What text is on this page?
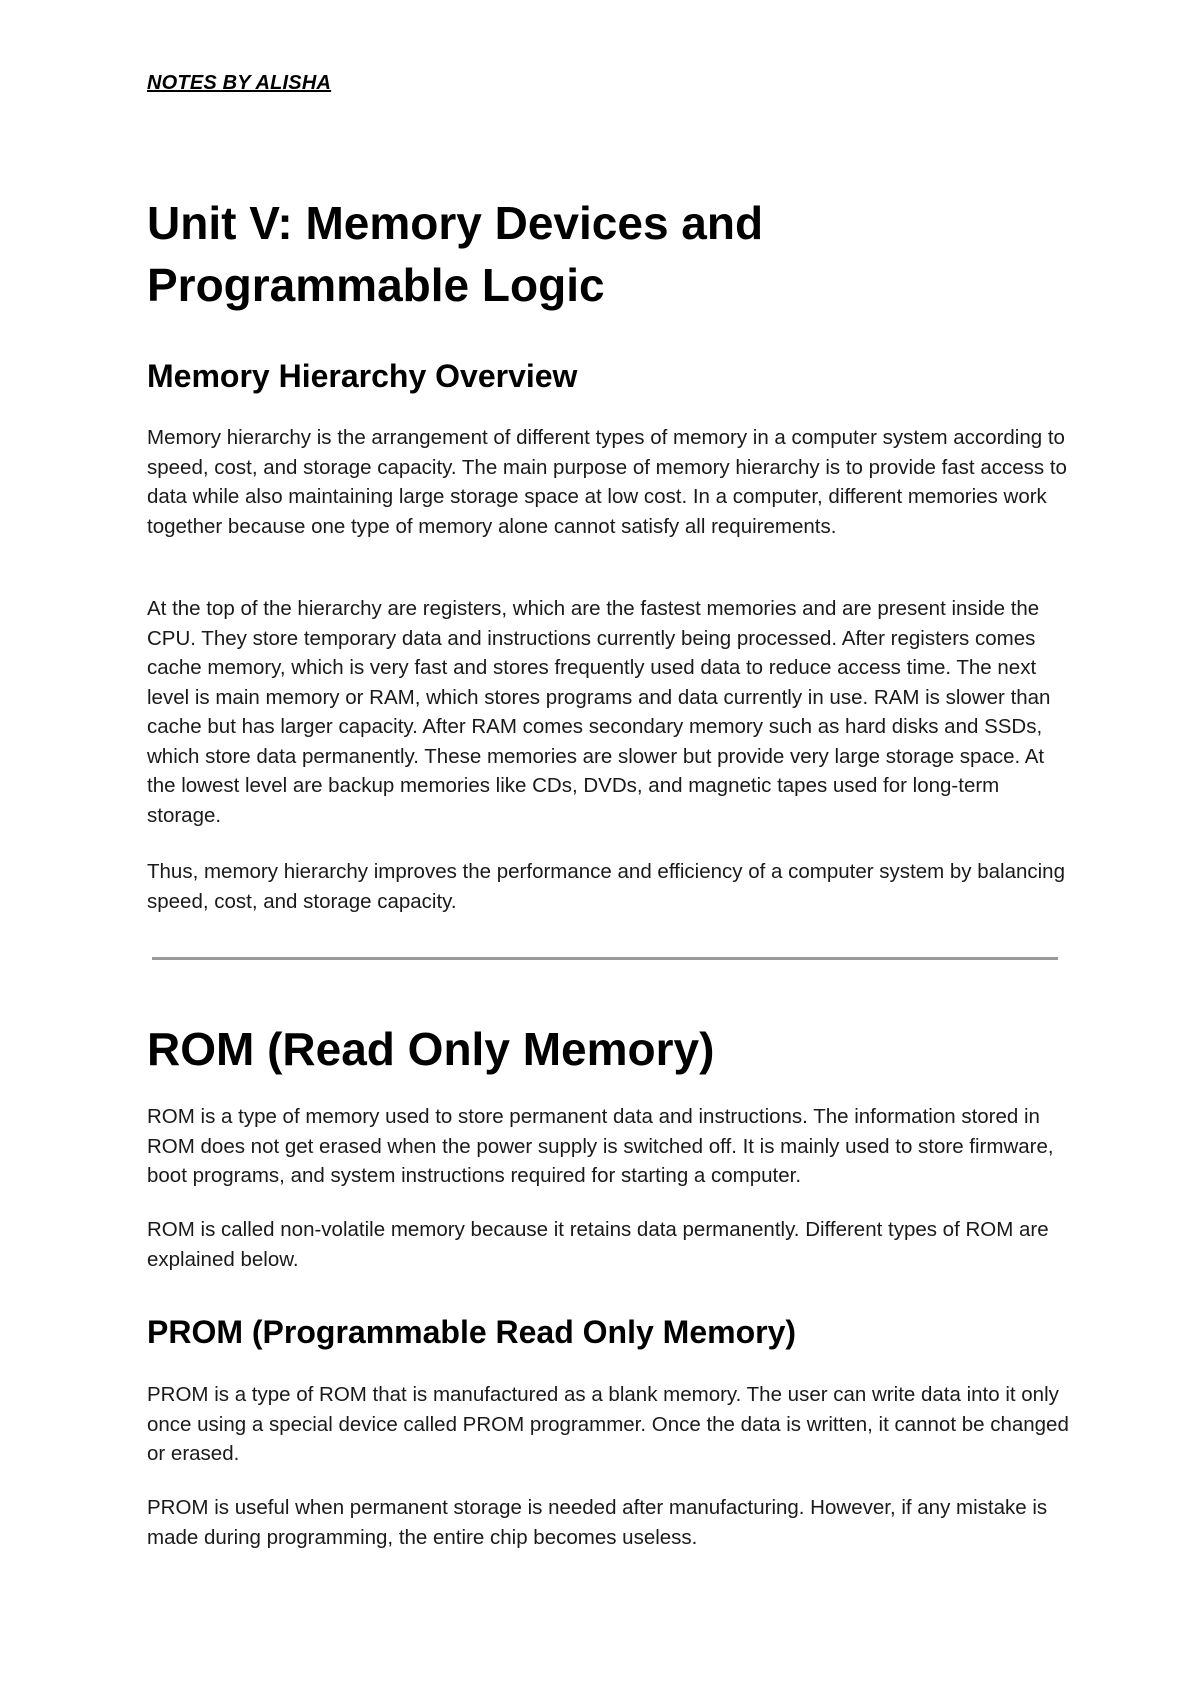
NOTES BY ALISHA
Unit V: Memory Devices and
Programmable Logic
Memory Hierarchy Overview

Memory hierarchy is the arrangement of different types of memory in a computer system according to speed, cost, and storage capacity. The main purpose of memory hierarchy is to provide fast access to data while also maintaining large storage space at low cost. In a computer, different memories work together because one type of memory alone cannot satisfy all requirements.

At the top of the hierarchy are registers, which are the fastest memories and are present inside the CPU. They store temporary data and instructions currently being processed. After registers comes cache memory, which is very fast and stores frequently used data to reduce access time. The next level is main memory or RAM, which stores programs and data currently in use. RAM is slower than cache but has larger capacity. After RAM comes secondary memory such as hard disks and SSDs, which store data permanently. These memories are slower but provide very large storage space. At the lowest level are backup memories like CDs, DVDs, and magnetic tapes used for long-term storage.

Thus, memory hierarchy improves the performance and efficiency of a computer system by balancing speed, cost, and storage capacity.

ROM (Read Only Memory)

ROM is a type of memory used to store permanent data and instructions. The information stored in ROM does not get erased when the power supply is switched off. It is mainly used to store firmware, boot programs, and system instructions required for starting a computer.

ROM is called non-volatile memory because it retains data permanently. Different types of ROM are explained below.

PROM (Programmable Read Only Memory)

PROM is a type of ROM that is manufactured as a blank memory. The user can write data into it only once using a special device called PROM programmer. Once the data is written, it cannot be changed or erased.

PROM is useful when permanent storage is needed after manufacturing. However, if any mistake is made during programming, the entire chip becomes useless.
